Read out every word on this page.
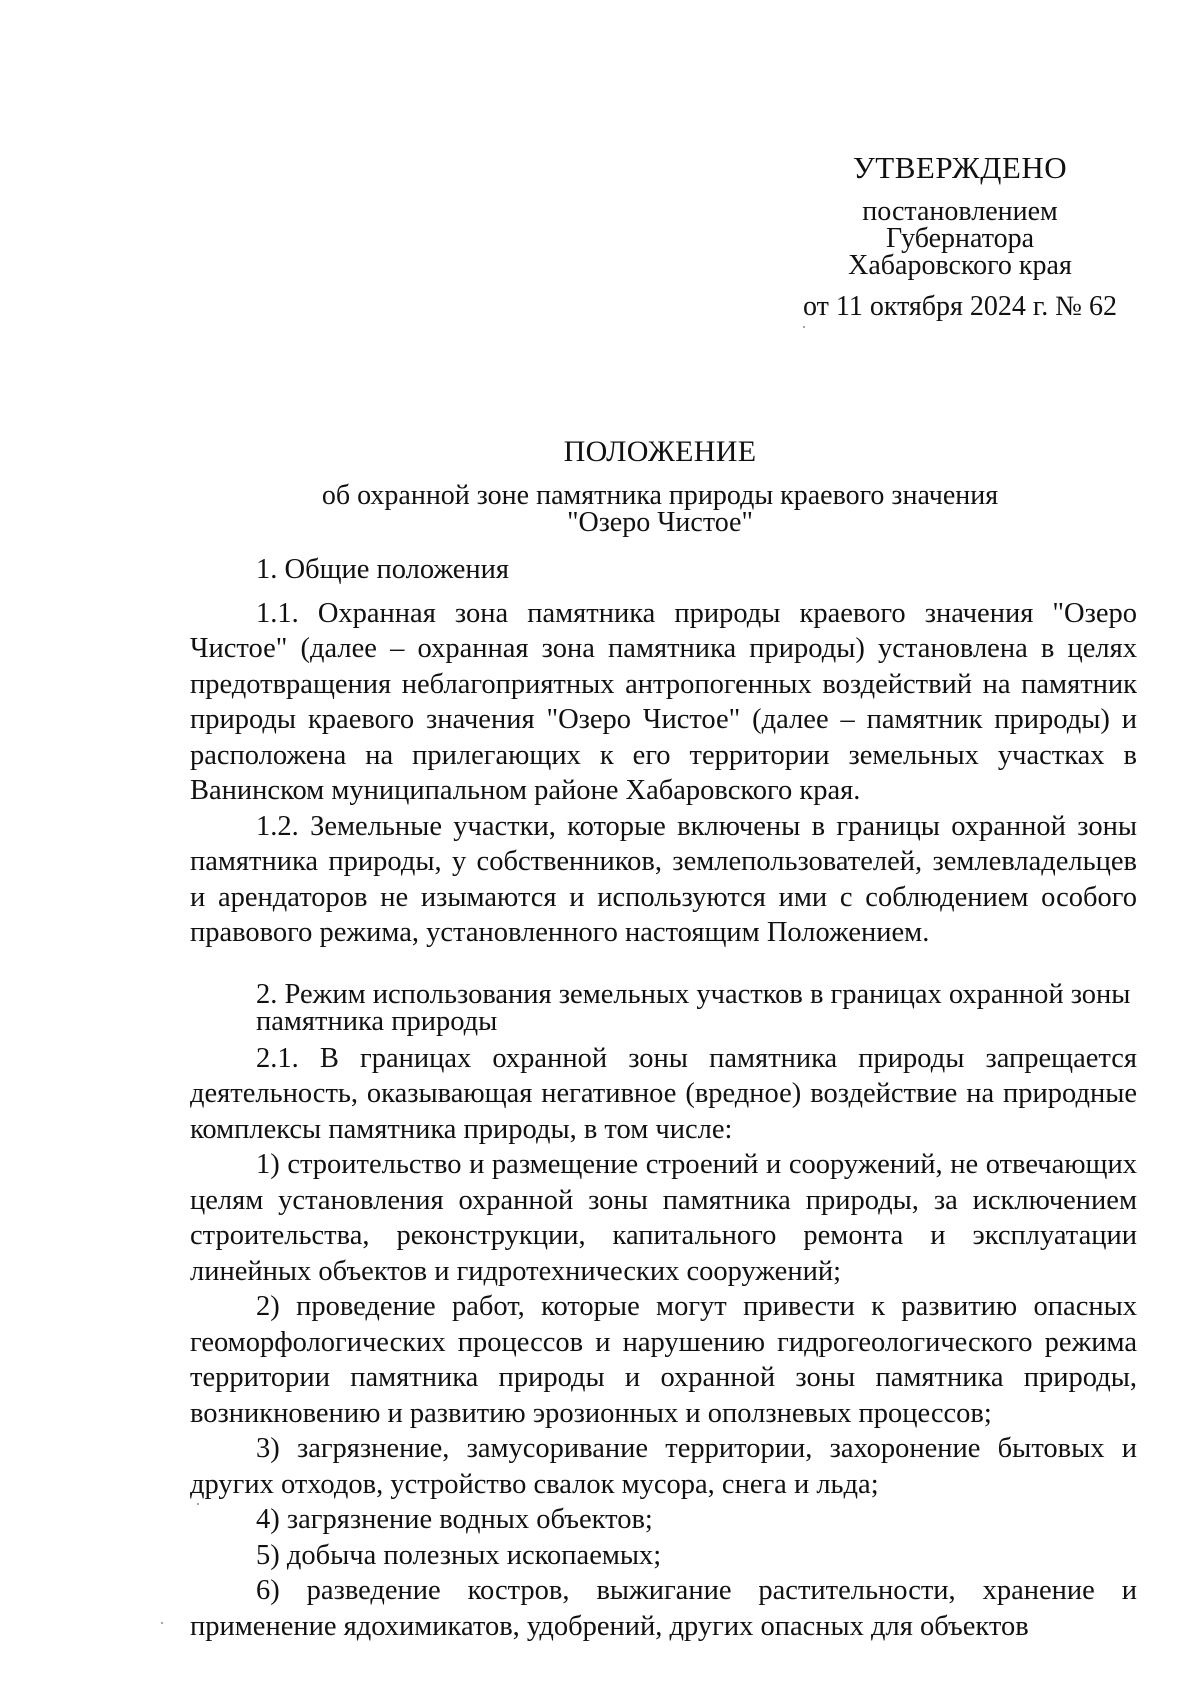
УТВЕРЖДЕНО
постановлением
Губернатора
Хабаровского края
от 11 октября 2024 г. № 62
ПОЛОЖЕНИЕ
об охранной зоне памятника природы краевого значения
"Озеро Чистое"

1. Общие положения

1.1. Охранная зона памятника природы краевого значения "Озеро Чистое" (далее – охранная зона памятника природы) установлена в целях предотвращения неблагоприятных антропогенных воздействий на памятник природы краевого значения "Озеро Чистое" (далее – памятник природы) и расположена на прилегающих к его территории земельных участках в Ванинском муниципальном районе Хабаровского края.

1.2. Земельные участки, которые включены в границы охранной зоны памятника природы, у собственников, землепользователей, землевладельцев и арендаторов не изымаются и используются ими с соблюдением особого правового режима, установленного настоящим Положением.

2. Режим использования земельных участков в границах охранной зоны памятника природы

2.1. В границах охранной зоны памятника природы запрещается деятельность, оказывающая негативное (вредное) воздействие на природные комплексы памятника природы, в том числе:

1) строительство и размещение строений и сооружений, не отвечающих целям установления охранной зоны памятника природы, за исключением строительства, реконструкции, капитального ремонта и эксплуатации линейных объектов и гидротехнических сооружений;

2) проведение работ, которые могут привести к развитию опасных геоморфологических процессов и нарушению гидрогеологического режима территории памятника природы и охранной зоны памятника природы, возникновению и развитию эрозионных и оползневых процессов;

3) загрязнение, замусоривание территории, захоронение бытовых и других отходов, устройство свалок мусора, снега и льда;

4) загрязнение водных объектов;

5) добыча полезных ископаемых;

6) разведение костров, выжигание растительности, хранение и применение ядохимикатов, удобрений, других опасных для объектов
